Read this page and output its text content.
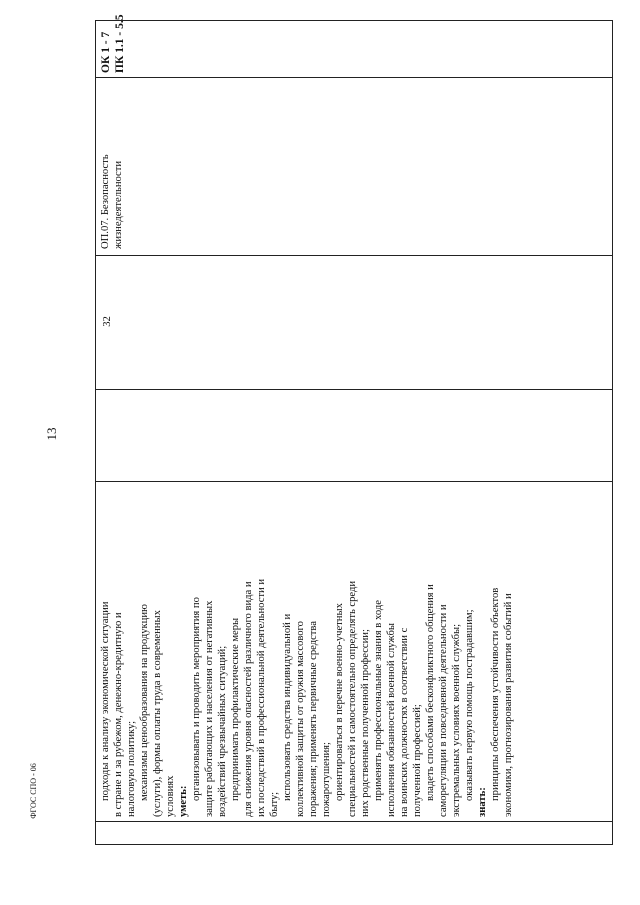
13
ФГОС СПО - 06	подходы к анализу экономической ситуации в стране и за рубежом, денежно-кредитную и налоговую политику; механизмы ценообразования на продукцию (услуги), формы оплаты труда в современных условиях уметь:
организовывать и проводить мероприятия по защите работающих и населения от негативных воздействий чрезвычайных ситуаций; предпринимать профилактические меры для снижения уровня опасностей различного вида и их последствий в профессиональной деятельности и быту;
использовать средства индивидуальной и коллективной защиты от оружия массового поражения; применять первичные средства пожаротушения; ориентироваться в перечне военно-учетных специальностей и самостоятельно определять среди них родственные полученной профессии; применять профессиональные знания в ходе исполнения обязанностей военной службы на воинских должностях в соответствии с полученной профессией; владеть способами бесконфликтного общения и саморегуляции в повседневной деятельности и экстремальных условиях военной службы; оказывать первую помощь пострадавшим;
знать:
принципы обеспечения устойчивости объектов экономики, прогнозирования развития событий и
32
ОП.07. Безопасность жизнедеятельности
ОК 1 - 7 ПК 1.1 - 5.5
